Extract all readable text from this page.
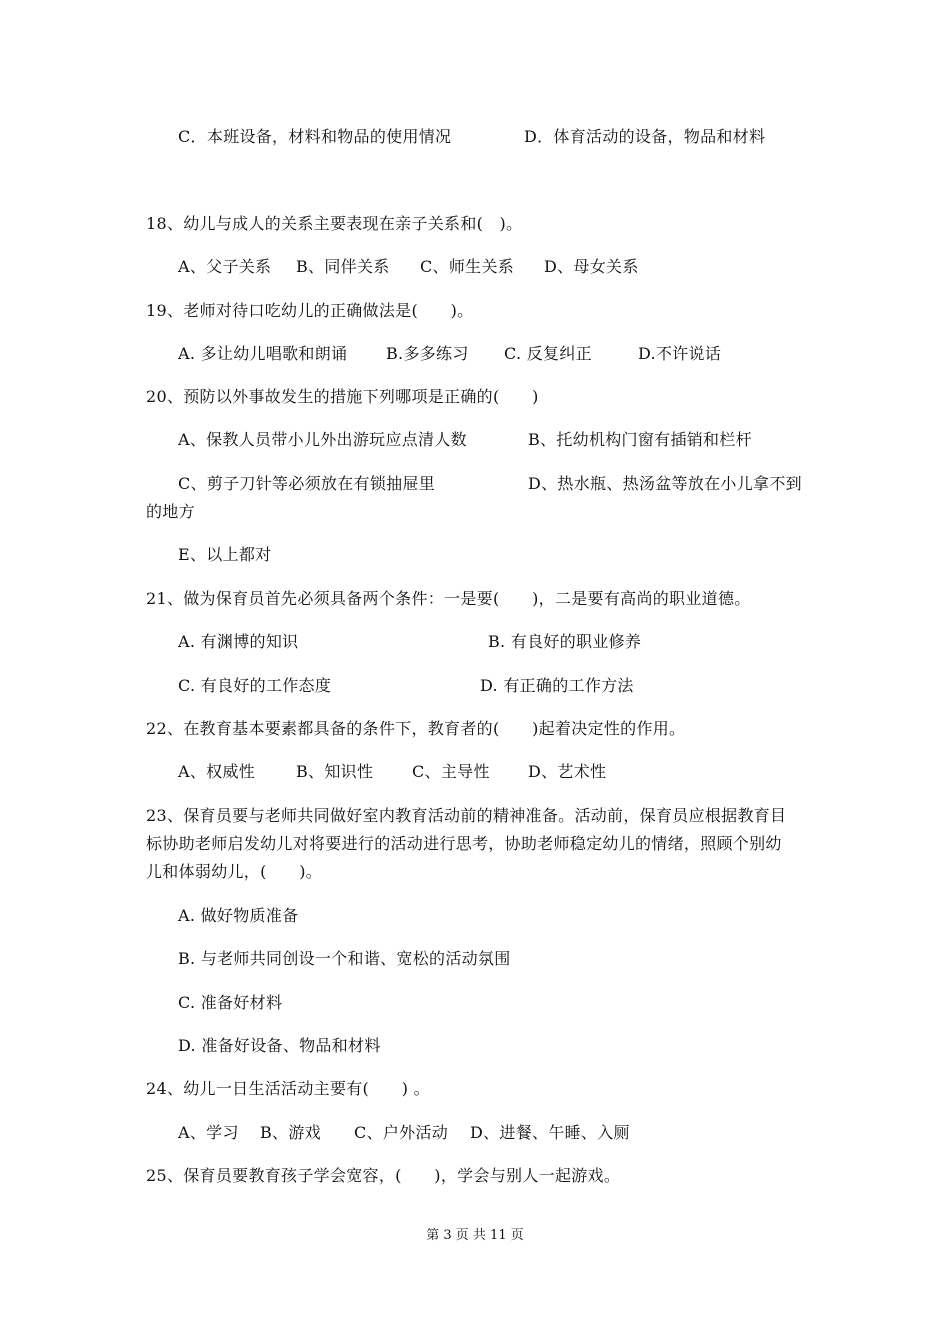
C．本班设备，材料和物品的使用情况	D．体育活动的设备，物品和材料
18、幼儿与成人的关系主要表现在亲子关系和(　)。
A、父子关系 B、同伴关系 C、师生关系 D、母女关系
19、老师对待口吃幼儿的正确做法是(　　)。
A. 多让幼儿唱歌和朗诵 B.多多练习 C. 反复纠正	D.不许说话
20、预防以外事故发生的措施下列哪项是正确的(　　)
A、保教人员带小儿外出游玩应点清人数	B、托幼机构门窗有插销和栏杆
C、剪子刀针等必须放在有锁抽屉里	D、热水瓶、热汤盆等放在小儿拿不到
的地方
E、以上都对
21、做为保育员首先必须具备两个条件：一是要(　　)，二是要有高尚的职业道德。
A. 有渊博的知识	B. 有良好的职业修养
C. 有良好的工作态度	D. 有正确的工作方法
22、在教育基本要素都具备的条件下，教育者的(　　)起着决定性的作用。
A、权威性	B、知识性 C、主导性 D、艺术性
23、保育员要与老师共同做好室内教育活动前的精神准备。活动前，保育员应根据教育目
标协助老师启发幼儿对将要进行的活动进行思考，协助老师稳定幼儿的情绪，照顾个别幼
儿和体弱幼儿，(　　)。
A. 做好物质准备
B. 与老师共同创设一个和谐、宽松的活动氛围
C. 准备好材料
D. 准备好设备、物品和材料
24、幼儿一日生活活动主要有(　　) 。
A、学习 B、游戏 C、户外活动 D、进餐、午睡、入厕
25、保育员要教育孩子学会宽容，(　　)，学会与别人一起游戏。
第 3 页 共 11 页
